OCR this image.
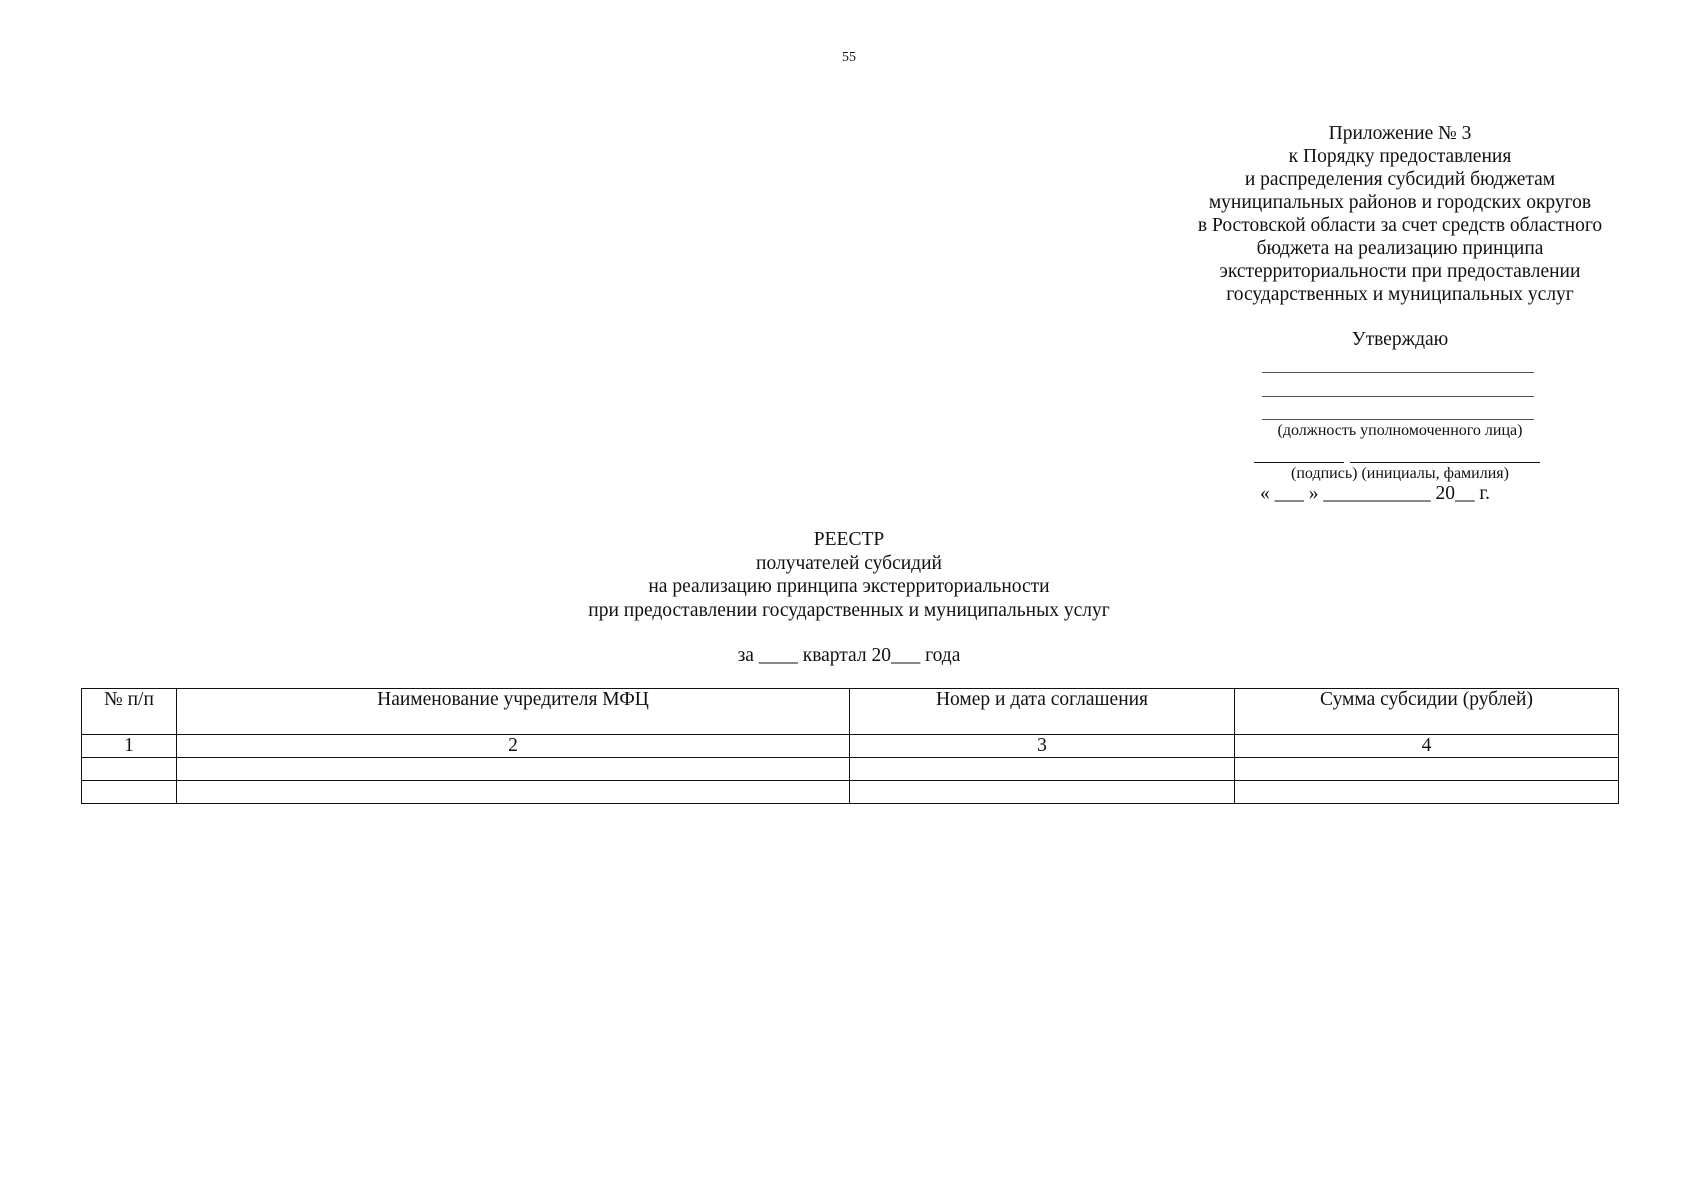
55
Приложение № 3
к Порядку предоставления
и распределения субсидий бюджетам
муниципальных районов и городских округов
в Ростовской области за счет средств областного
бюджета на реализацию принципа
экстерриториальности при предоставлении
государственных и муниципальных услуг
Утверждаю
(должность уполномоченного лица)
(подпись) (инициалы, фамилия)
« ___ » ___________ 20__ г.
РЕЕСТР
получателей субсидий
на реализацию принципа экстерриториальности
при предоставлении государственных и муниципальных услуг
за ____ квартал 20___ года
№ п/п	Наименование учредителя МФЦ	Номер и дата соглашения	Сумма субсидии (рублей)
1	2	3	4
